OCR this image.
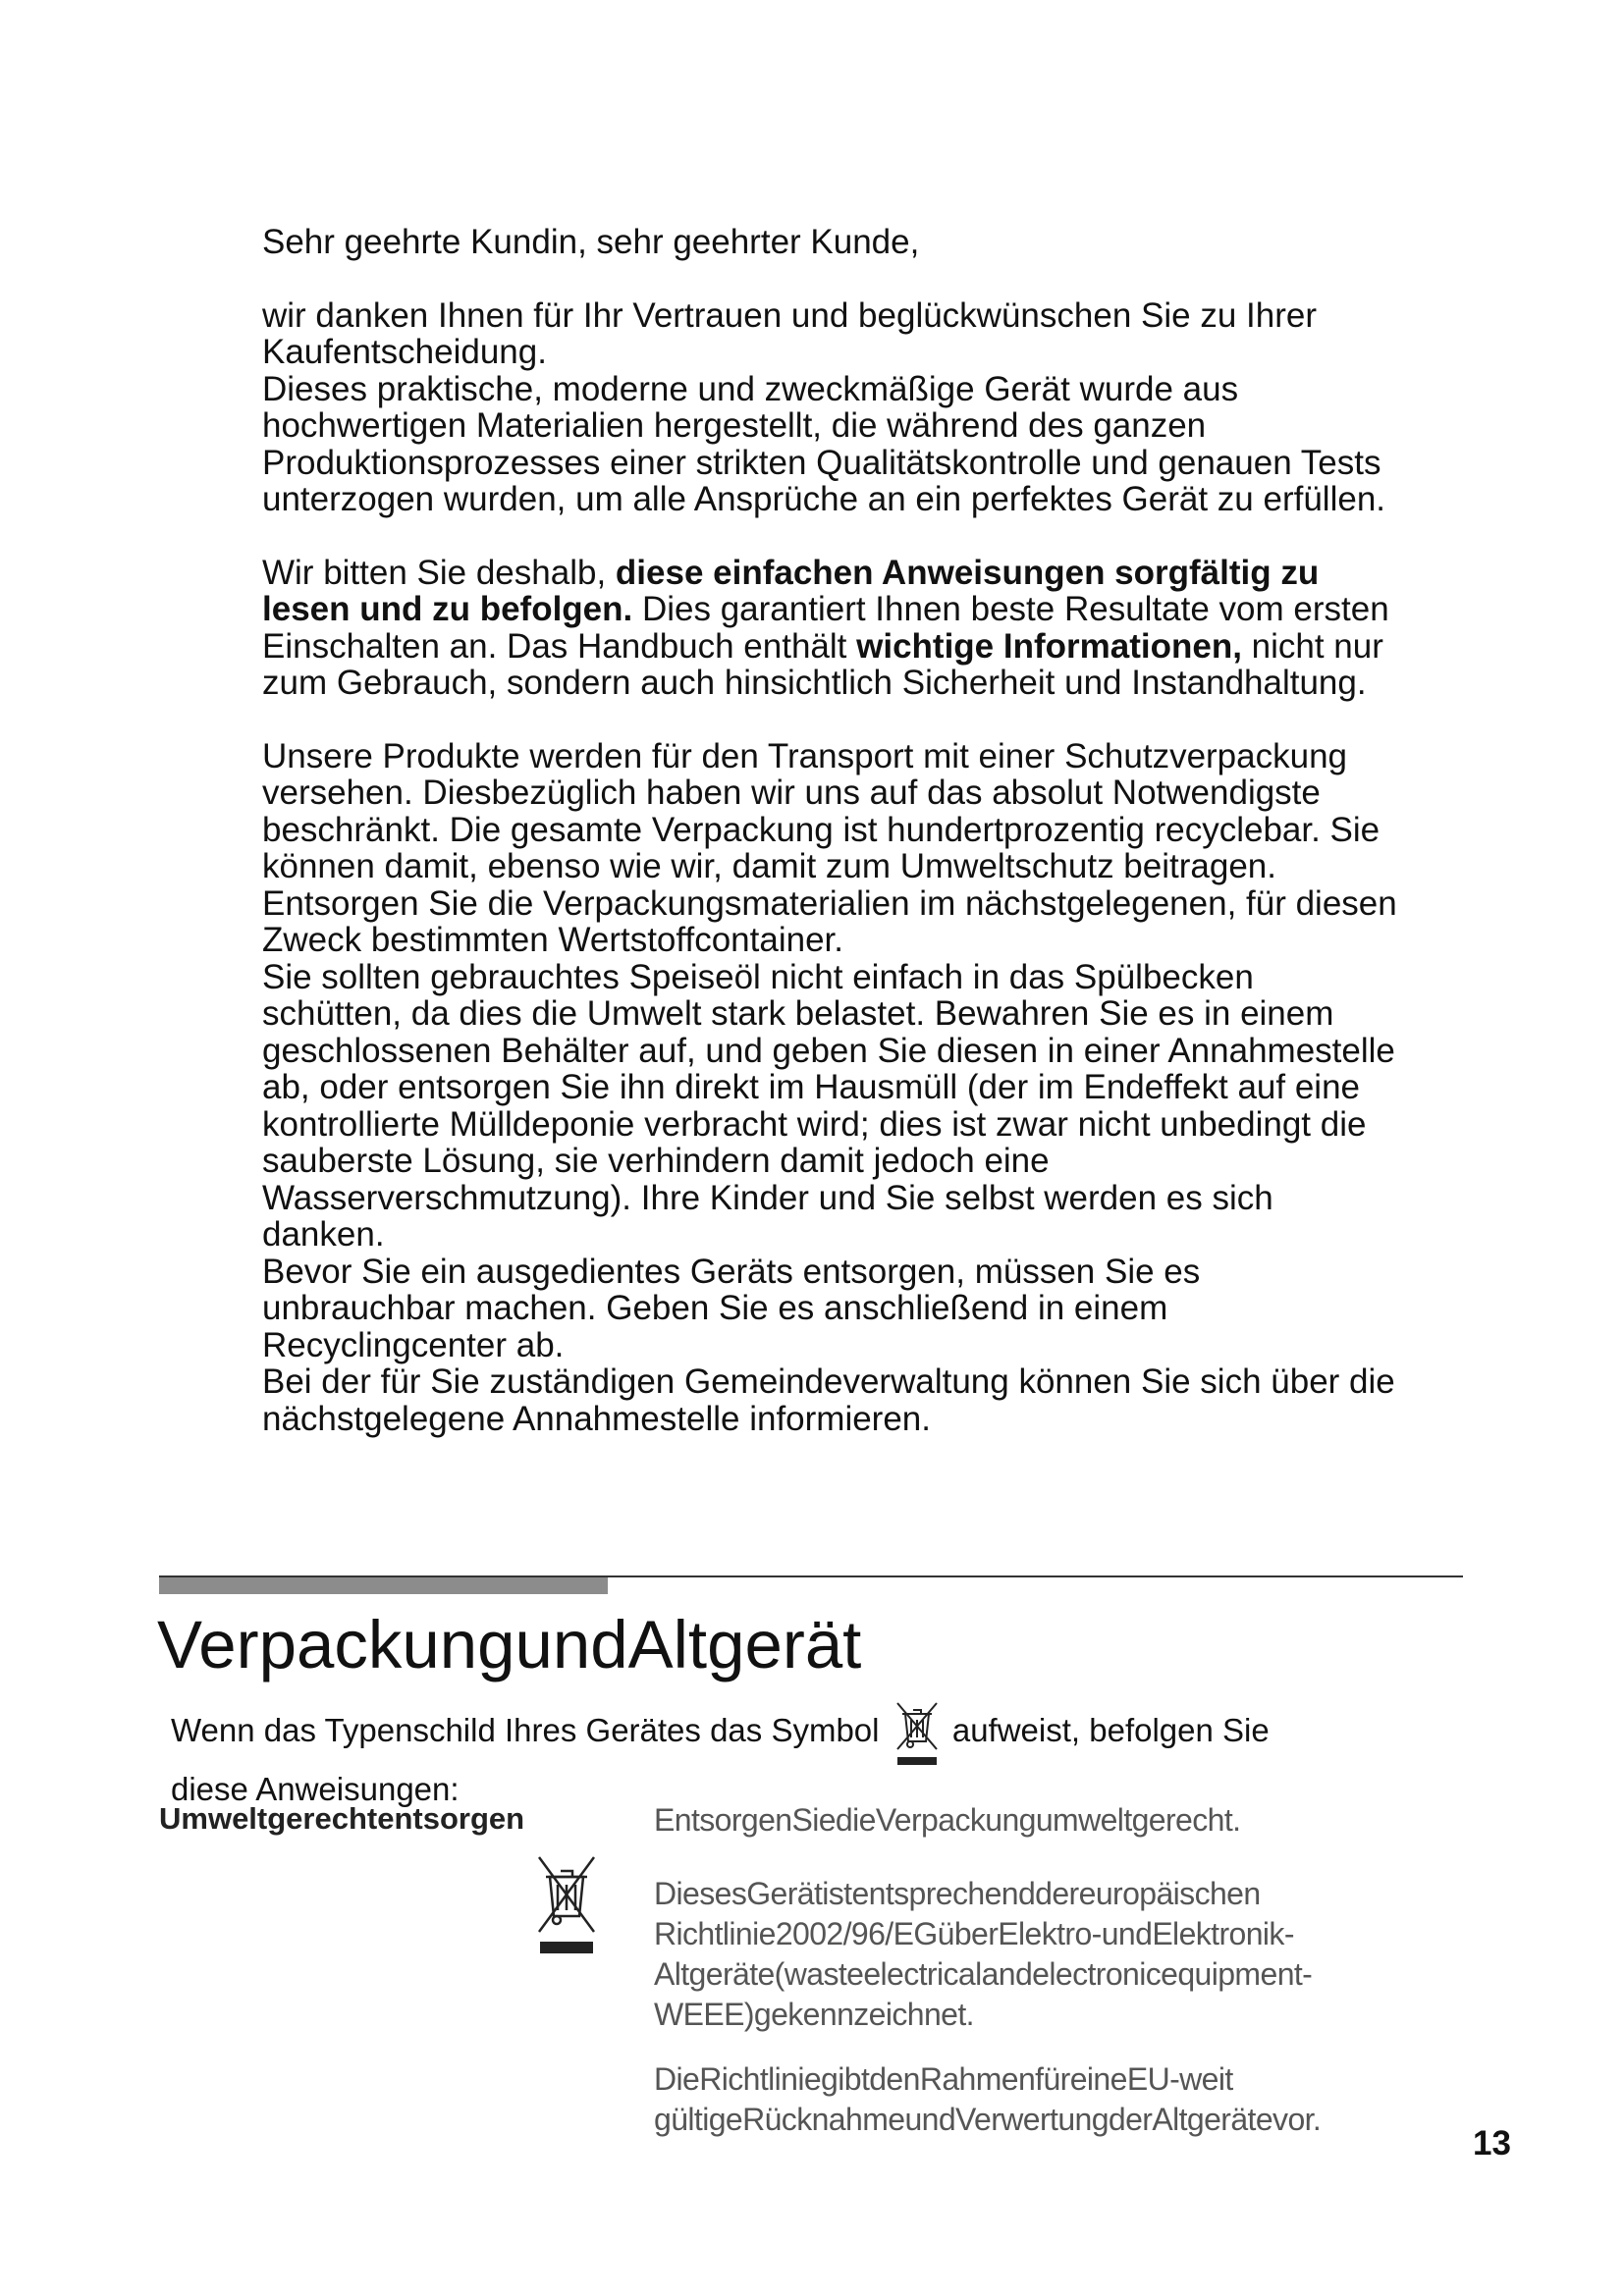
Sehr geehrte Kundin, sehr geehrter Kunde,

wir danken Ihnen für Ihr Vertrauen und beglückwünschen Sie zu Ihrer Kaufentscheidung.

Dieses praktische, moderne und zweckmäßige Gerät wurde aus hochwertigen Materialien hergestellt, die während des ganzen Produktionsprozesses einer strikten Qualitätskontrolle und genauen Tests unterzogen wurden, um alle Ansprüche an ein perfektes Gerät zu erfüllen.

Wir bitten Sie deshalb, diese einfachen Anweisungen sorgfältig zu lesen und zu befolgen. Dies garantiert Ihnen beste Resultate vom ersten Einschalten an. Das Handbuch enthält wichtige Informationen, nicht nur zum Gebrauch, sondern auch hinsichtlich Sicherheit und Instandhaltung.

Unsere Produkte werden für den Transport mit einer Schutzverpackung versehen. Diesbezüglich haben wir uns auf das absolut Notwendigste beschränkt. Die gesamte Verpackung ist hundertprozentig recyclebar. Sie können damit, ebenso wie wir, damit zum Umweltschutz beitragen. Entsorgen Sie die Verpackungsmaterialien im nächstgelegenen, für diesen Zweck bestimmten Wertstoffcontainer.

Sie sollten gebrauchtes Speiseöl nicht einfach in das Spülbecken schütten, da dies die Umwelt stark belastet. Bewahren Sie es in einem geschlossenen Behälter auf, und geben Sie diesen in einer Annahmestelle ab, oder entsorgen Sie ihn direkt im Hausmüll (der im Endeffekt auf eine kontrollierte Mülldeponie verbracht wird; dies ist zwar nicht unbedingt die sauberste Lösung, sie verhindern damit jedoch eine Wasserverschmutzung). Ihre Kinder und Sie selbst werden es sich danken.

Bevor Sie ein ausgedientes Geräts entsorgen, müssen Sie es unbrauchbar machen. Geben Sie es anschließend in einem Recyclingcenter ab.

Bei der für Sie zuständigen Gemeindeverwaltung können Sie sich über die nächstgelegene Annahmestelle informieren.

VerpackungundAltgerät
Wenn das Typenschild Ihres Gerätes das Symbol aufweist, befolgen Sie diese Anweisungen:
Umweltgerechtentsorgen	EntsorgenSiedieVerpackungumweltgerecht.

DiesesGerätistentsprechenddereuropäischen Richtlinie2002/96/EGüberElektro-undElektronik-Altgeräte(wasteelectricalandelectronicequipment-WEEE)gekennzeichnet.

DieRichtliniegibtdenRahmenfüreineEU-weit gültigeRücknahmeundVerwertungderAltgerätevor.

13
